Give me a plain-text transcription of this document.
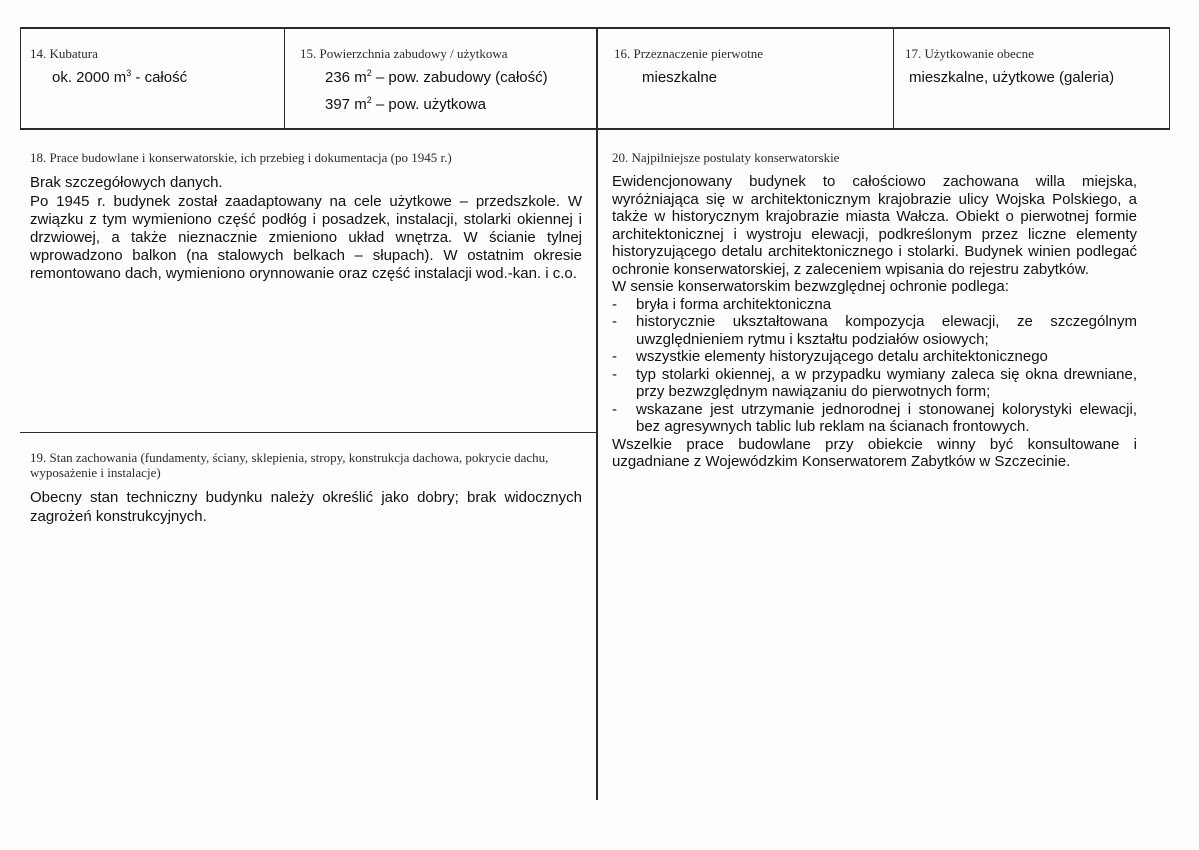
14. Kubatura
ok. 2000 $m^3$ - całość
15. Powierzchnia zabudowy / użytkowa
236 $m^2$ – pow. zabudowy (całość)
397 $m^2$ – pow. użytkowa
16. Przeznaczenie pierwotne
mieszkalne
17. Użytkowanie obecne
mieszkalne, użytkowe (galeria)
18. Prace budowlane i konserwatorskie, ich przebieg i dokumentacja (po 1945 r.)
Brak szczegółowych danych.
Po 1945 r. budynek został zaadaptowany na cele użytkowe – przedszkole. W związku z tym wymieniono część podłóg i posadzek, instalacji, stolarki okiennej i drzwiowej, a także nieznacznie zmieniono układ wnętrza. W ścianie tylnej wprowadzono balkon (na stalowych belkach – słupach). W ostatnim okresie remontowano dach, wymieniono orynnowanie oraz część instalacji wod.-kan. i c.o.
19. Stan zachowania (fundamenty, ściany, sklepienia, stropy, konstrukcja dachowa, pokrycie dachu, wyposażenie i instalacje)
Obecny stan techniczny budynku należy określić jako dobry; brak widocznych zagrożeń konstrukcyjnych.
20. Najpilniejsze postulaty konserwatorskie
Ewidencjonowany budynek to całościowo zachowana willa miejska, wyróżniająca się w architektonicznym krajobrazie ulicy Wojska Polskiego, a także w historycznym krajobrazie miasta Wałcza. Obiekt o pierwotnej formie architektonicznej i wystroju elewacji, podkreślonym przez liczne elementy historyzującego detalu architektonicznego i stolarki. Budynek winien podlegać ochronie konserwatorskiej, z zaleceniem wpisania do rejestru zabytków.
W sensie konserwatorskim bezwzględnej ochronie podlega:
- bryła i forma architektoniczna
- historycznie ukształtowana kompozycja elewacji, ze szczególnym uwzględnieniem rytmu i kształtu podziałów osiowych;
- wszystkie elementy historyzującego detalu architektonicznego
- typ stolarki okiennej, a w przypadku wymiany zaleca się okna drewniane, przy bezwzględnym nawiązaniu do pierwotnych form;
- wskazane jest utrzymanie jednorodnej i stonowanej kolorystyki elewacji, bez agresywnych tablic lub reklam na ścianach frontowych.
Wszelkie prace budowlane przy obiekcie winny być konsultowane i uzgadniane z Wojewódzkim Konserwatorem Zabytków w Szczecinie.
